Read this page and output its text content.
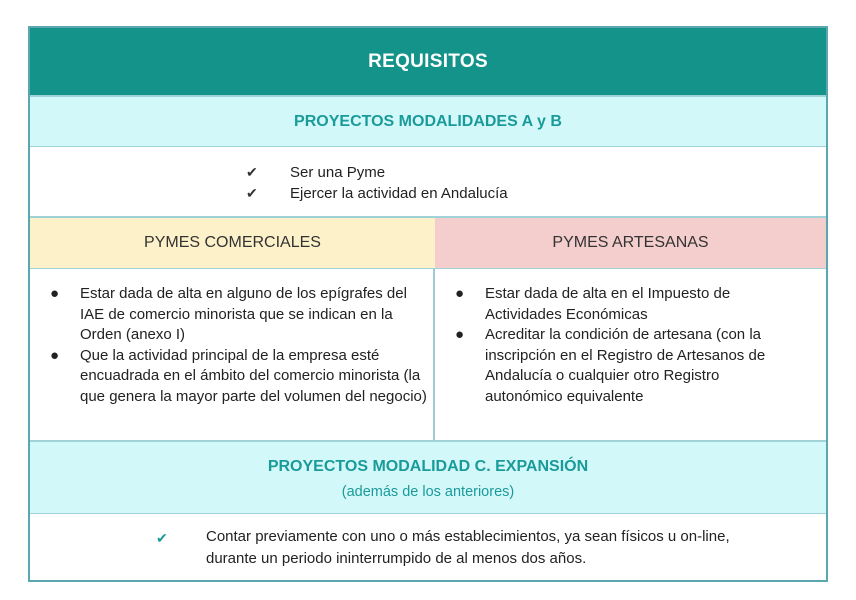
REQUISITOS
PROYECTOS MODALIDADES A y B
✔	Ser una Pyme
✔	Ejercer la actividad en Andalucía
PYMES COMERCIALES	PYMES ARTESANAS
● Estar dada de alta en alguno de los epígrafes del IAE de comercio minorista que se indican en la Orden (anexo I)
● Que la actividad principal de la empresa esté encuadrada en el ámbito del comercio minorista (la que genera la mayor parte del volumen del negocio)
● Estar dada de alta en el Impuesto de Actividades Económicas
● Acreditar la condición de artesana (con la inscripción en el Registro de Artesanos de Andalucía o cualquier otro Registro autonómico equivalente
PROYECTOS MODALIDAD C. EXPANSIÓN
(además de los anteriores)
✔	Contar previamente con uno o más establecimientos, ya sean físicos u on-line, durante un periodo ininterrumpido de al menos dos años.
